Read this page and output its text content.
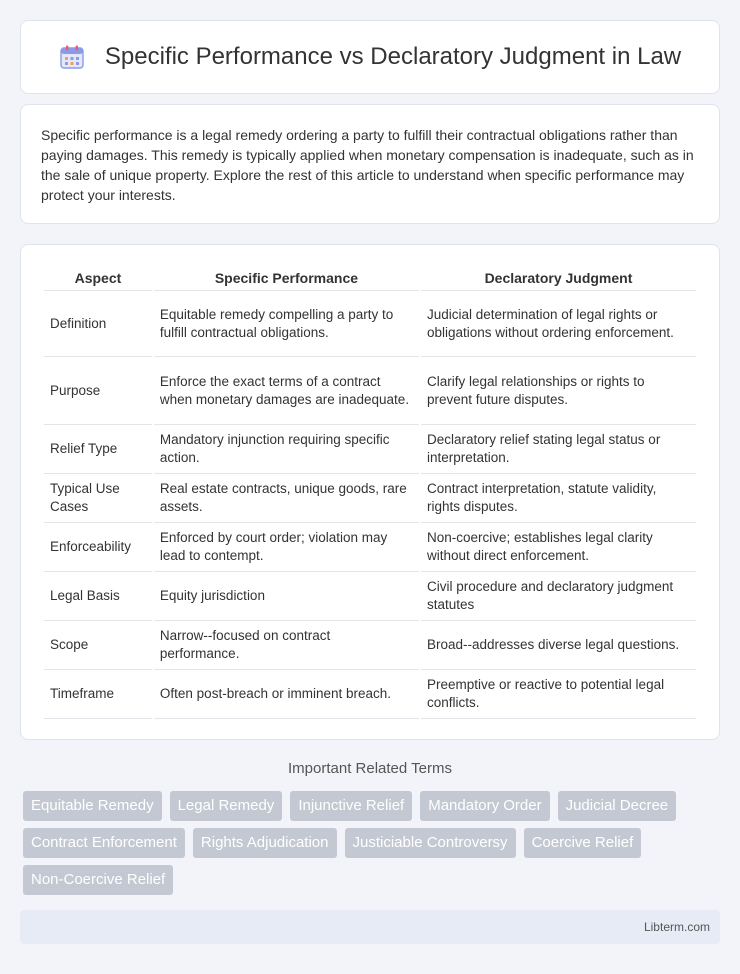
Specific Performance vs Declaratory Judgment in Law

Specific performance is a legal remedy ordering a party to fulfill their contractual obligations rather than paying damages. This remedy is typically applied when monetary compensation is inadequate, such as in the sale of unique property. Explore the rest of this article to understand when specific performance may protect your interests.

Aspect	Specific Performance	Declaratory Judgment
Definition	Equitable remedy compelling a party to fulfill contractual obligations.	Judicial determination of legal rights or obligations without ordering enforcement.
Purpose	Enforce the exact terms of a contract when monetary damages are inadequate.	Clarify legal relationships or rights to prevent future disputes.
Relief Type	Mandatory injunction requiring specific action.	Declaratory relief stating legal status or interpretation.
Typical Use Cases	Real estate contracts, unique goods, rare assets.	Contract interpretation, statute validity, rights disputes.
Enforceability	Enforced by court order; violation may lead to contempt.	Non-coercive; establishes legal clarity without direct enforcement.
Legal Basis	Equity jurisdiction	Civil procedure and declaratory judgment statutes
Scope	Narrow--focused on contract performance.	Broad--addresses diverse legal questions.
Timeframe	Often post-breach or imminent breach.	Preemptive or reactive to potential legal conflicts.
Important Related Terms
Equitable Remedy	Legal Remedy	Injunctive Relief	Mandatory Order	Judicial Decree
Contract Enforcement	Rights Adjudication	Justiciable Controversy	Coercive Relief
Non-Coercive Relief
Libterm.com
